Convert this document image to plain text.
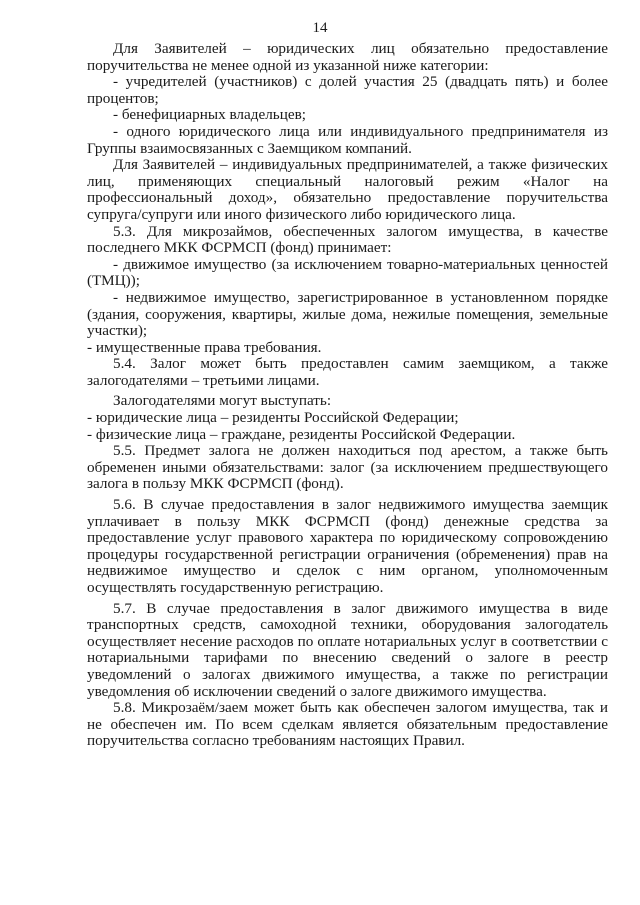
14

Для Заявителей – юридических лиц обязательно предоставление поручительства не менее одной из указанной ниже категории:

- учредителей (участников) с долей участия 25 (двадцать пять) и более процентов;

- бенефициарных владельцев;

- одного юридического лица или индивидуального предпринимателя из Группы взаимосвязанных с Заемщиком компаний.

Для Заявителей – индивидуальных предпринимателей, а также физических лиц, применяющих специальный налоговый режим «Налог на профессиональный доход», обязательно предоставление поручительства супруга/супруги или иного физического либо юридического лица.

5.3. Для микрозаймов, обеспеченных залогом имущества, в качестве последнего МКК ФСРМСП (фонд) принимает:

- движимое имущество (за исключением товарно-материальных ценностей (ТМЦ));

- недвижимое имущество, зарегистрированное в установленном порядке (здания, сооружения, квартиры, жилые дома, нежилые помещения, земельные участки);

- имущественные права требования.

5.4. Залог может быть предоставлен самим заемщиком, а также залогодателями – третьими лицами.

Залогодателями могут выступать:

- юридические лица – резиденты Российской Федерации;

- физические лица – граждане, резиденты Российской Федерации.

5.5. Предмет залога не должен находиться под арестом, а также быть обременен иными обязательствами: залог (за исключением предшествующего залога в пользу МКК ФСРМСП (фонд).

5.6. В случае предоставления в залог недвижимого имущества заемщик уплачивает в пользу МКК ФСРМСП (фонд) денежные средства за предоставление услуг правового характера по юридическому сопровождению процедуры государственной регистрации ограничения (обременения) прав на недвижимое имущество и сделок с ним органом, уполномоченным осуществлять государственную регистрацию.

5.7. В случае предоставления в залог движимого имущества в виде транспортных средств, самоходной техники, оборудования залогодатель осуществляет несение расходов по оплате нотариальных услуг в соответствии с нотариальными тарифами по внесению сведений о залоге в реестр уведомлений о залогах движимого имущества, а также по регистрации уведомления об исключении сведений о залоге движимого имущества.

5.8. Микрозаём/заем может быть как обеспечен залогом имущества, так и не обеспечен им. По всем сделкам является обязательным предоставление поручительства согласно требованиям настоящих Правил.
